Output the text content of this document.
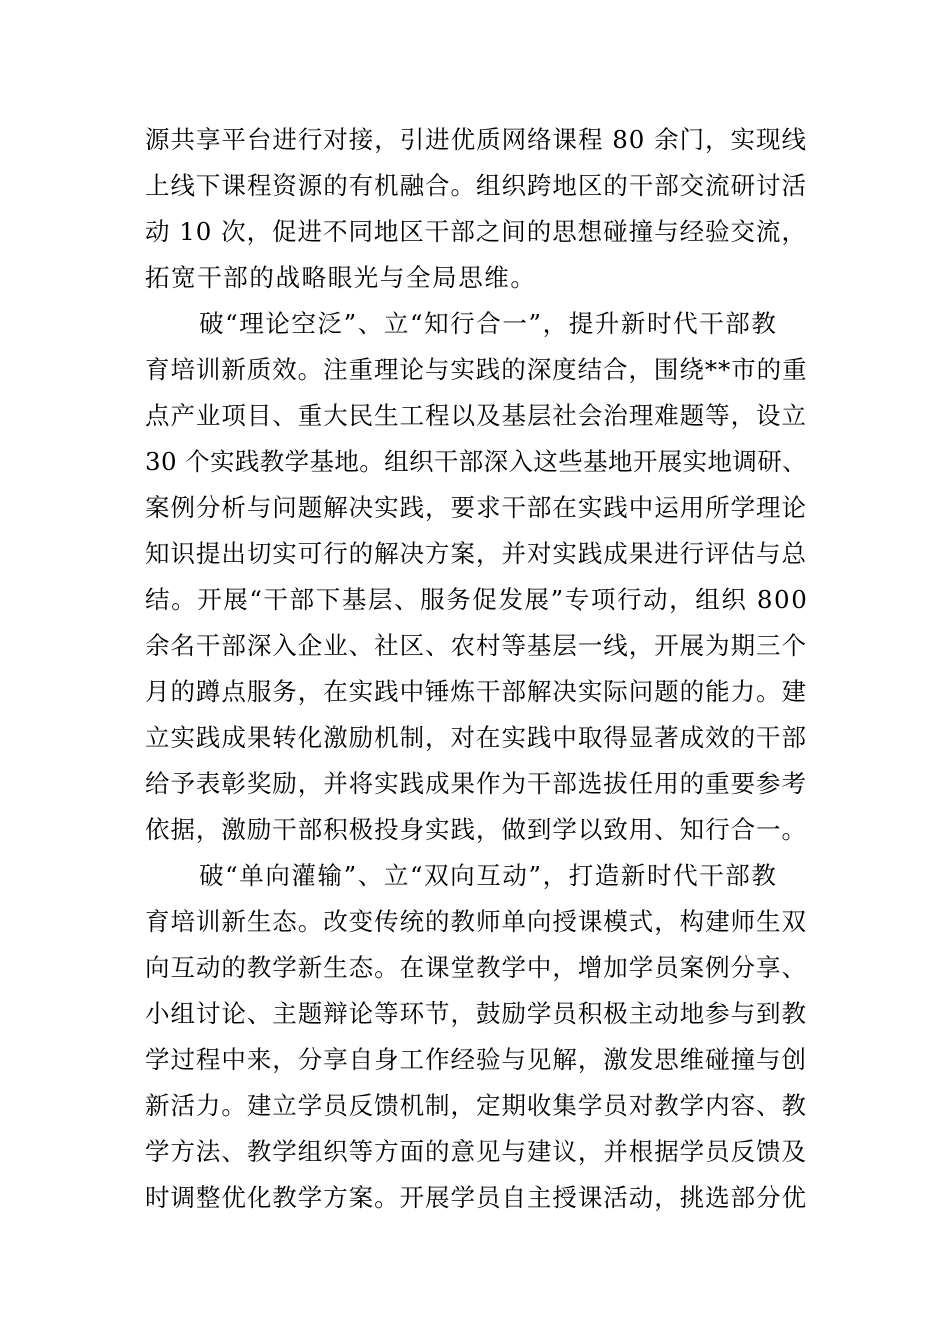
源共享平台进行对接，引进优质网络课程 80 余门，实现线
上线下课程资源的有机融合。组织跨地区的干部交流研讨活
动 10 次，促进不同地区干部之间的思想碰撞与经验交流，
拓宽干部的战略眼光与全局思维。
破“理论空泛”、立“知行合一”，提升新时代干部教
育培训新质效。注重理论与实践的深度结合，围绕**市的重
点产业项目、重大民生工程以及基层社会治理难题等，设立
30 个实践教学基地。组织干部深入这些基地开展实地调研、
案例分析与问题解决实践，要求干部在实践中运用所学理论
知识提出切实可行的解决方案，并对实践成果进行评估与总
结。开展“干部下基层、服务促发展”专项行动，组织 800
余名干部深入企业、社区、农村等基层一线，开展为期三个
月的蹲点服务，在实践中锤炼干部解决实际问题的能力。建
立实践成果转化激励机制，对在实践中取得显著成效的干部
给予表彰奖励，并将实践成果作为干部选拔任用的重要参考
依据，激励干部积极投身实践，做到学以致用、知行合一。
破“单向灌输”、立“双向互动”，打造新时代干部教
育培训新生态。改变传统的教师单向授课模式，构建师生双
向互动的教学新生态。在课堂教学中，增加学员案例分享、
小组讨论、主题辩论等环节，鼓励学员积极主动地参与到教
学过程中来，分享自身工作经验与见解，激发思维碰撞与创
新活力。建立学员反馈机制，定期收集学员对教学内容、教
学方法、教学组织等方面的意见与建议，并根据学员反馈及
时调整优化教学方案。开展学员自主授课活动，挑选部分优
